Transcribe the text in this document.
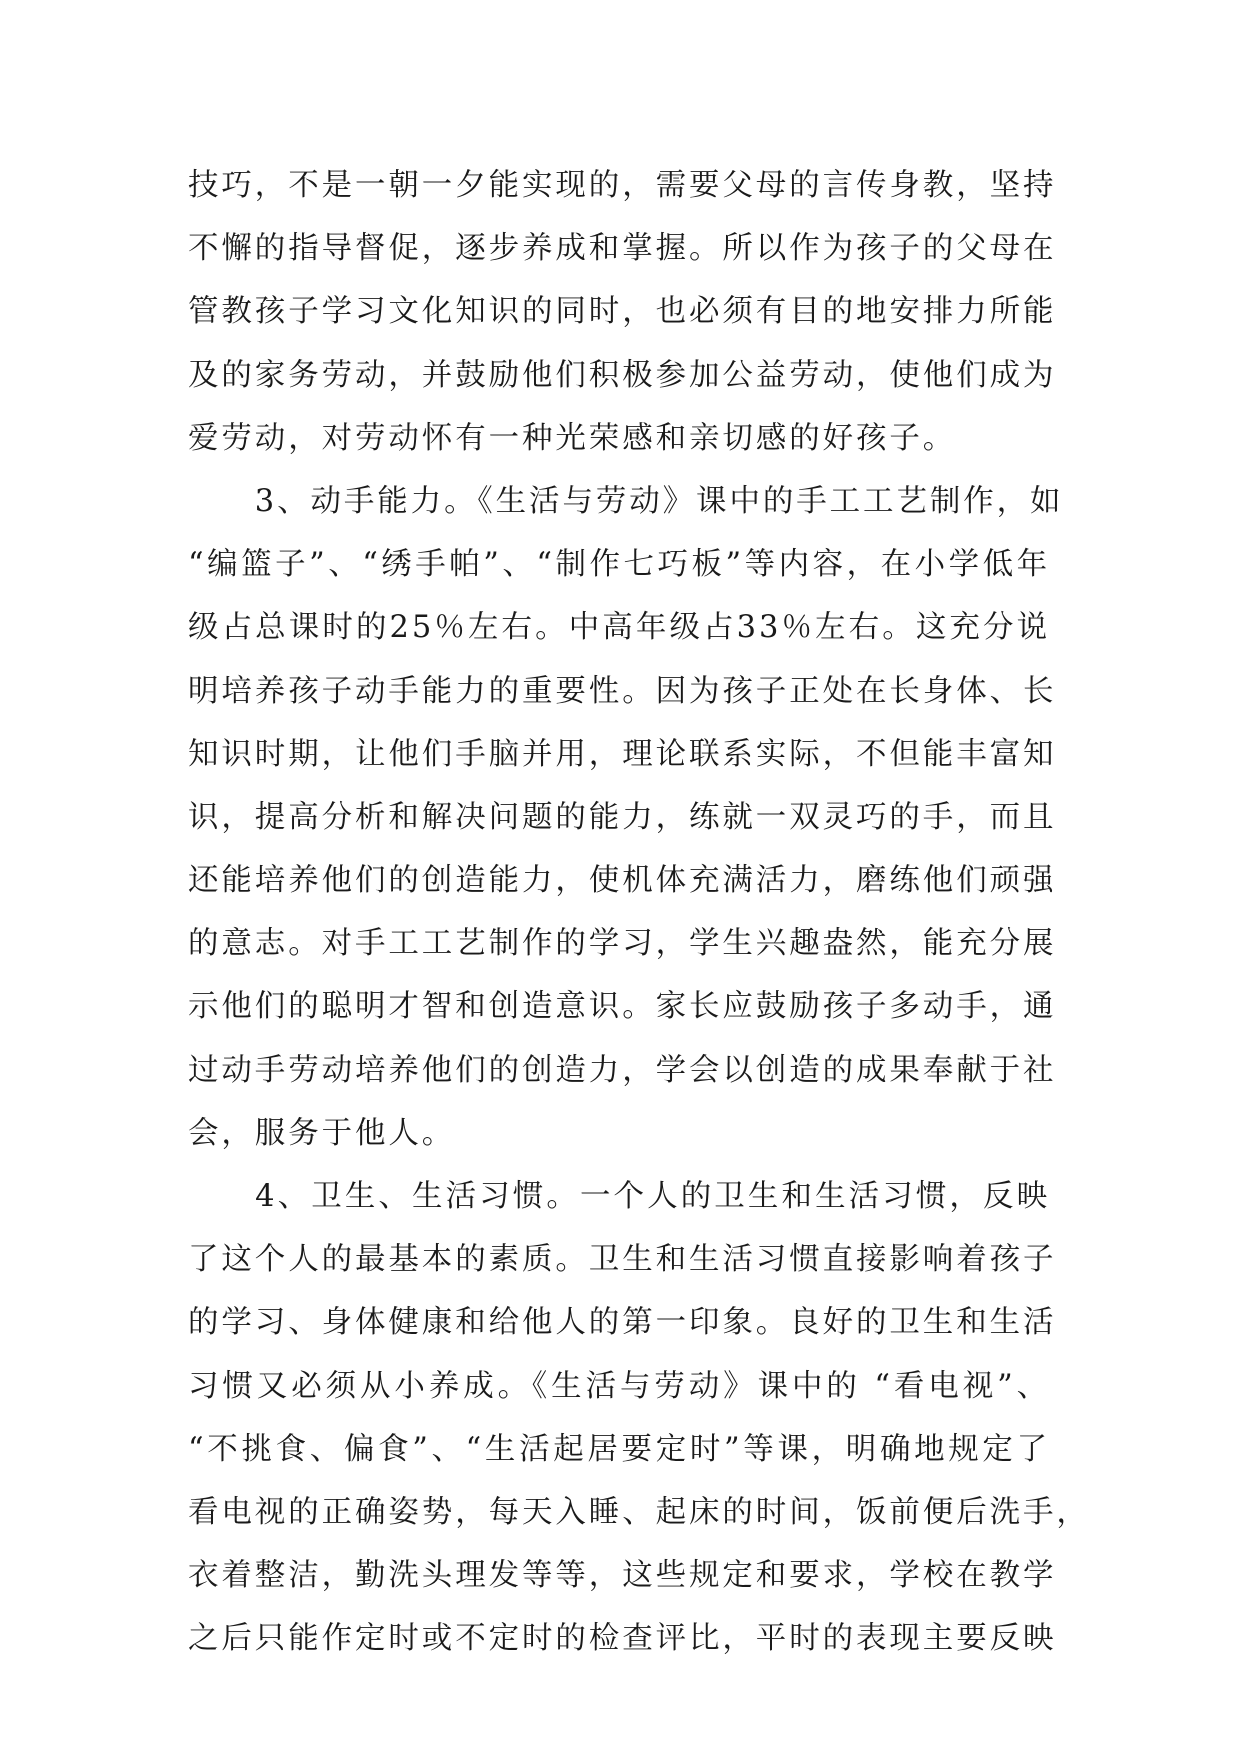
技巧，不是一朝一夕能实现的，需要父母的言传身教，坚持
不懈的指导督促，逐步养成和掌握。所以作为孩子的父母在
管教孩子学习文化知识的同时，也必须有目的地安排力所能
及的家务劳动，并鼓励他们积极参加公益劳动，使他们成为
爱劳动，对劳动怀有一种光荣感和亲切感的好孩子。
　　3、动手能力。《生活与劳动》课中的手工工艺制作，如
“编篮子”、“绣手帕”、“制作七巧板”等内容，在小学低年
级占总课时的25％左右。中高年级占33％左右。这充分说
明培养孩子动手能力的重要性。因为孩子正处在长身体、长
知识时期，让他们手脑并用，理论联系实际，不但能丰富知
识，提高分析和解决问题的能力，练就一双灵巧的手，而且
还能培养他们的创造能力，使机体充满活力，磨练他们顽强
的意志。对手工工艺制作的学习，学生兴趣盎然，能充分展
示他们的聪明才智和创造意识。家长应鼓励孩子多动手，通
过动手劳动培养他们的创造力，学会以创造的成果奉献于社
会，服务于他人。
　　4、卫生、生活习惯。一个人的卫生和生活习惯，反映
了这个人的最基本的素质。卫生和生活习惯直接影响着孩子
的学习、身体健康和给他人的第一印象。良好的卫生和生活
习惯又必须从小养成。《生活与劳动》课中的 “看电视”、
“不挑食、偏食”、“生活起居要定时”等课，明确地规定了
看电视的正确姿势，每天入睡、起床的时间，饭前便后洗手，
衣着整洁，勤洗头理发等等，这些规定和要求，学校在教学
之后只能作定时或不定时的检查评比，平时的表现主要反映
